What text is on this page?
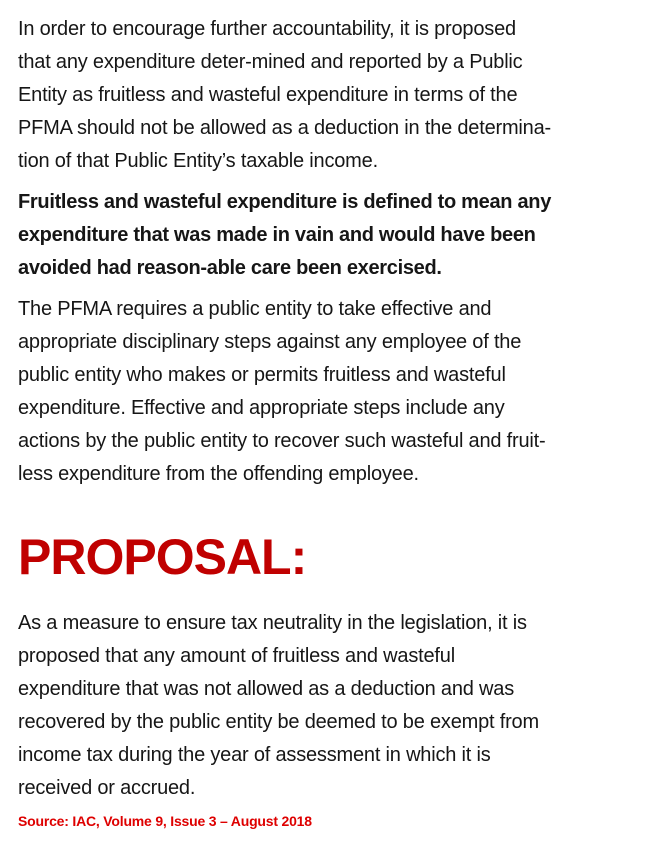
In order to encourage further accountability, it is proposed
that any expenditure deter-mined and reported by a Public
Entity as fruitless and wasteful expenditure in terms of the
PFMA should not be allowed as a deduction in the determina-
tion of that Public Entity’s taxable income.
Fruitless and wasteful expenditure is defined to mean any
expenditure that was made in vain and would have been
avoided had reason-able care been exercised.
The PFMA requires a public entity to take effective and
appropriate disciplinary steps against any employee of the
public entity who makes or permits fruitless and wasteful
expenditure. Effective and appropriate steps include any
actions by the public entity to recover such wasteful and fruit-
less expenditure from the offending employee.
PROPOSAL:
As a measure to ensure tax neutrality in the legislation, it is
proposed that any amount of fruitless and wasteful
expenditure that was not allowed as a deduction and was
recovered by the public entity be deemed to be exempt from
income tax during the year of assessment in which it is
received or accrued.
Source: IAC, Volume 9, Issue 3 – August 2018
